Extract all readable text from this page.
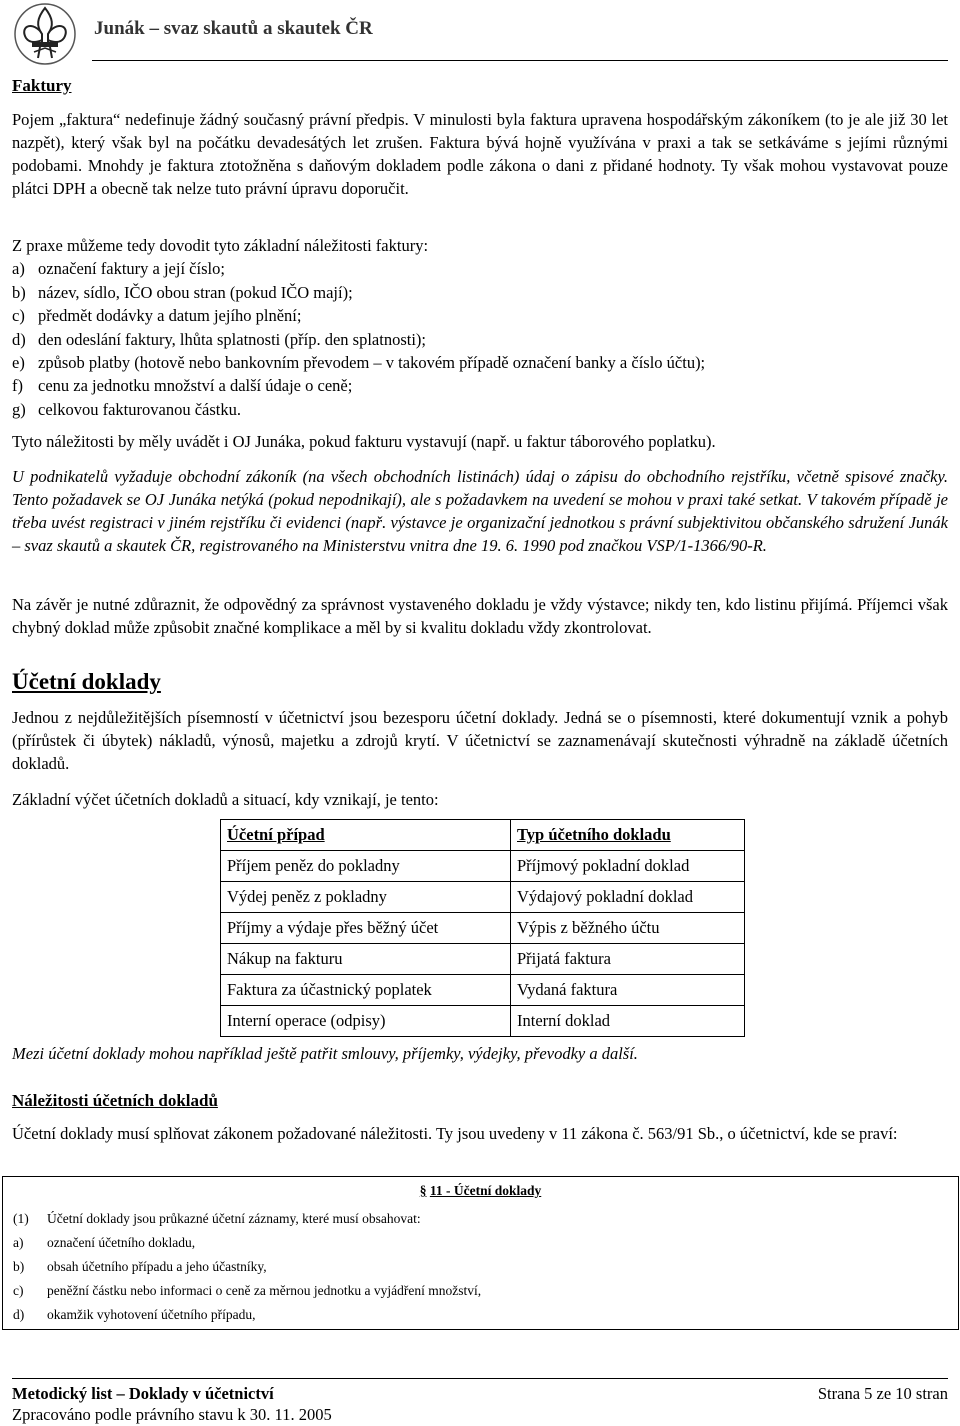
Junák – svaz skautů a skautek ČR
Faktury

Pojem „faktura“ nedefinuje žádný současný právní předpis. V minulosti byla faktura upravena hospodářským zákoníkem (to je ale již 30 let nazpět), který však byl na počátku devadesátých let zrušen. Faktura bývá hojně využívána v praxi a tak se setkáváme s jejími různými podobami. Mnohdy je faktura ztotožněna s daňovým dokladem podle zákona o dani z přidané hodnoty. Ty však mohou vystavovat pouze plátci DPH a obecně tak nelze tuto právní úpravu doporučit.

Z praxe můžeme tedy dovodit tyto základní náležitosti faktury:
a) označení faktury a její číslo;
b) název, sídlo, IČO obou stran (pokud IČO mají);
c) předmět dodávky a datum jejího plnění;
d) den odeslání faktury, lhůta splatnosti (příp. den splatnosti);
e) způsob platby (hotově nebo bankovním převodem – v takovém případě označení banky a číslo účtu);
f) cenu za jednotku množství a další údaje o ceně;
g) celkovou fakturovanou částku.

Tyto náležitosti by měly uvádět i OJ Junáka, pokud fakturu vystavují (např. u faktur táborového poplatku).

U podnikatelů vyžaduje obchodní zákoník (na všech obchodních listinách) údaj o zápisu do obchodního rejstříku, včetně spisové značky. Tento požadavek se OJ Junáka netýká (pokud nepodnikají), ale s požadavkem na uvedení se mohou v praxi také setkat. V takovém případě je třeba uvést registraci v jiném rejstříku či evidenci (např. výstavce je organizační jednotkou s právní subjektivitou občanského sdružení Junák – svaz skautů a skautek ČR, registrovaného na Ministerstvu vnitra dne 19. 6. 1990 pod značkou VSP/1-1366/90-R.

Na závěr je nutné zdůraznit, že odpovědný za správnost vystaveného dokladu je vždy výstavce; nikdy ten, kdo listinu přijímá. Příjemci však chybný doklad může způsobit značné komplikace a měl by si kvalitu dokladu vždy zkontrolovat.

Účetní doklady

Jednou z nejdůležitějších písemností v účetnictví jsou bezesporu účetní doklady. Jedná se o písemnosti, které dokumentují vznik a pohyb (přírůstek či úbytek) nákladů, výnosů, majetku a zdrojů krytí. V účetnictví se zaznamenávají skutečnosti výhradně na základě účetních dokladů.

Základní výčet účetních dokladů a situací, kdy vznikají, je tento:

Účetní případ	Typ účetního dokladu
Příjem peněz do pokladny	Příjmový pokladní doklad
Výdej peněz z pokladny	Výdajový pokladní doklad
Příjmy a výdaje přes běžný účet	Výpis z běžného účtu
Nákup na fakturu	Přijatá faktura
Faktura za účastnický poplatek	Vydaná faktura
Interní operace (odpisy)	Interní doklad

Mezi účetní doklady mohou například ještě patřit smlouvy, příjemky, výdejky, převodky a další.

Náležitosti účetních dokladů

Účetní doklady musí splňovat zákonem požadované náležitosti. Ty jsou uvedeny v 11 zákona č. 563/91 Sb., o účetnictví, kde se praví:

§ 11 - Účetní doklady
(1) Účetní doklady jsou průkazné účetní záznamy, které musí obsahovat:
a) označení účetního dokladu,
b) obsah účetního případu a jeho účastníky,
c) peněžní částku nebo informaci o ceně za měrnou jednotku a vyjádření množství,
d) okamžik vyhotovení účetního případu,
Metodický list – Doklady v účetnictví	Strana 5 ze 10 stran
Zpracováno podle právního stavu k 30. 11. 2005
